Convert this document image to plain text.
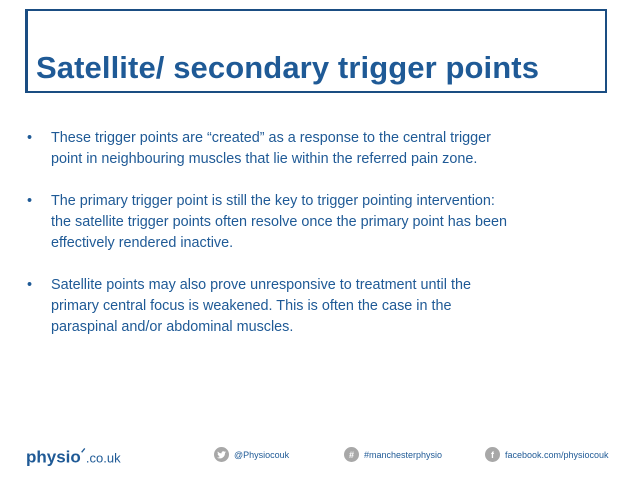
Satellite/ secondary trigger points
• These trigger points are “created” as a response to the central trigger
point in neighbouring muscles that lie within the referred pain zone.
• The primary trigger point is still the key to trigger pointing intervention:
the satellite trigger points often resolve once the primary point has been
effectively rendered inactive.
• Satellite points may also prove unresponsive to treatment until the
primary central focus is weakened. This is often the case in the
paraspinal and/or abdominal muscles.
physioᐟ.co.uk	@Physiocouk	#	#manchesterphysio	f	facebook.com/physiocouk
